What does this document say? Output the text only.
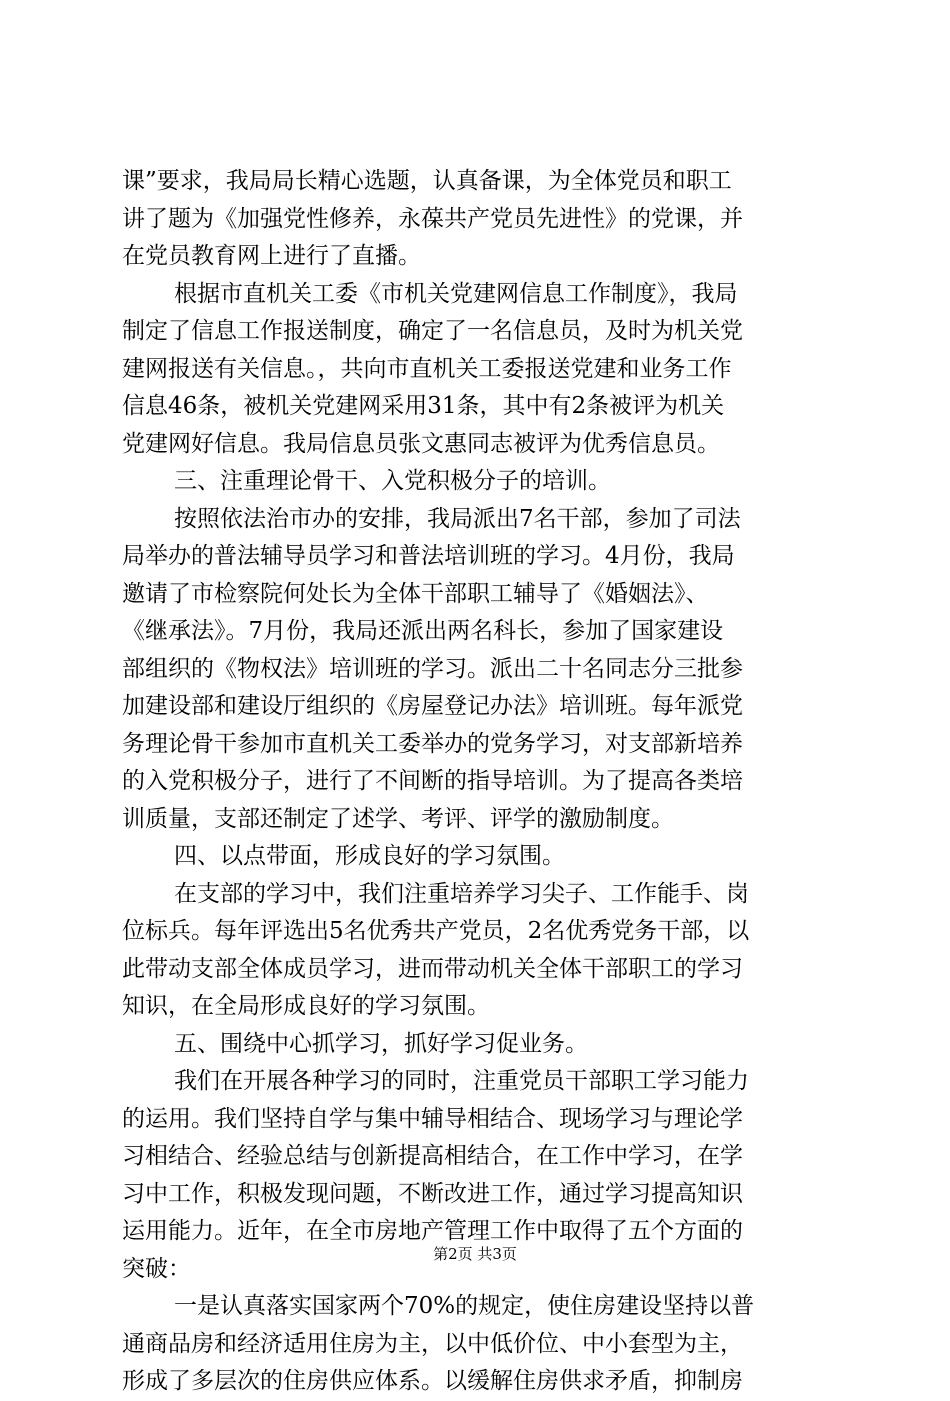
课”要求，我局局长精心选题，认真备课，为全体党员和职工
讲了题为《加强党性修养，永葆共产党员先进性》的党课，并
在党员教育网上进行了直播。
根据市直机关工委《市机关党建网信息工作制度》，我局
制定了信息工作报送制度，确定了一名信息员，及时为机关党
建网报送有关信息。，共向市直机关工委报送党建和业务工作
信息46条，被机关党建网采用31条，其中有2条被评为机关
党建网好信息。我局信息员张文惠同志被评为优秀信息员。
三、注重理论骨干、入党积极分子的培训。
按照依法治市办的安排，我局派出7名干部，参加了司法
局举办的普法辅导员学习和普法培训班的学习。4月份，我局
邀请了市检察院何处长为全体干部职工辅导了《婚姻法》、
《继承法》。7月份，我局还派出两名科长，参加了国家建设
部组织的《物权法》培训班的学习。派出二十名同志分三批参
加建设部和建设厅组织的《房屋登记办法》培训班。每年派党
务理论骨干参加市直机关工委举办的党务学习，对支部新培养
的入党积极分子，进行了不间断的指导培训。为了提高各类培
训质量，支部还制定了述学、考评、评学的激励制度。
四、以点带面，形成良好的学习氛围。
在支部的学习中，我们注重培养学习尖子、工作能手、岗
位标兵。每年评选出5名优秀共产党员，2名优秀党务干部，以
此带动支部全体成员学习，进而带动机关全体干部职工的学习
知识，在全局形成良好的学习氛围。
五、围绕中心抓学习，抓好学习促业务。
我们在开展各种学习的同时，注重党员干部职工学习能力
的运用。我们坚持自学与集中辅导相结合、现场学习与理论学
习相结合、经验总结与创新提高相结合，在工作中学习，在学
习中工作，积极发现问题，不断改进工作，通过学习提高知识
运用能力。近年，在全市房地产管理工作中取得了五个方面的
突破：
一是认真落实国家两个70%的规定，使住房建设坚持以普
通商品房和经济适用住房为主，以中低价位、中小套型为主，
形成了多层次的住房供应体系。以缓解住房供求矛盾，抑制房
第2页 共3页
